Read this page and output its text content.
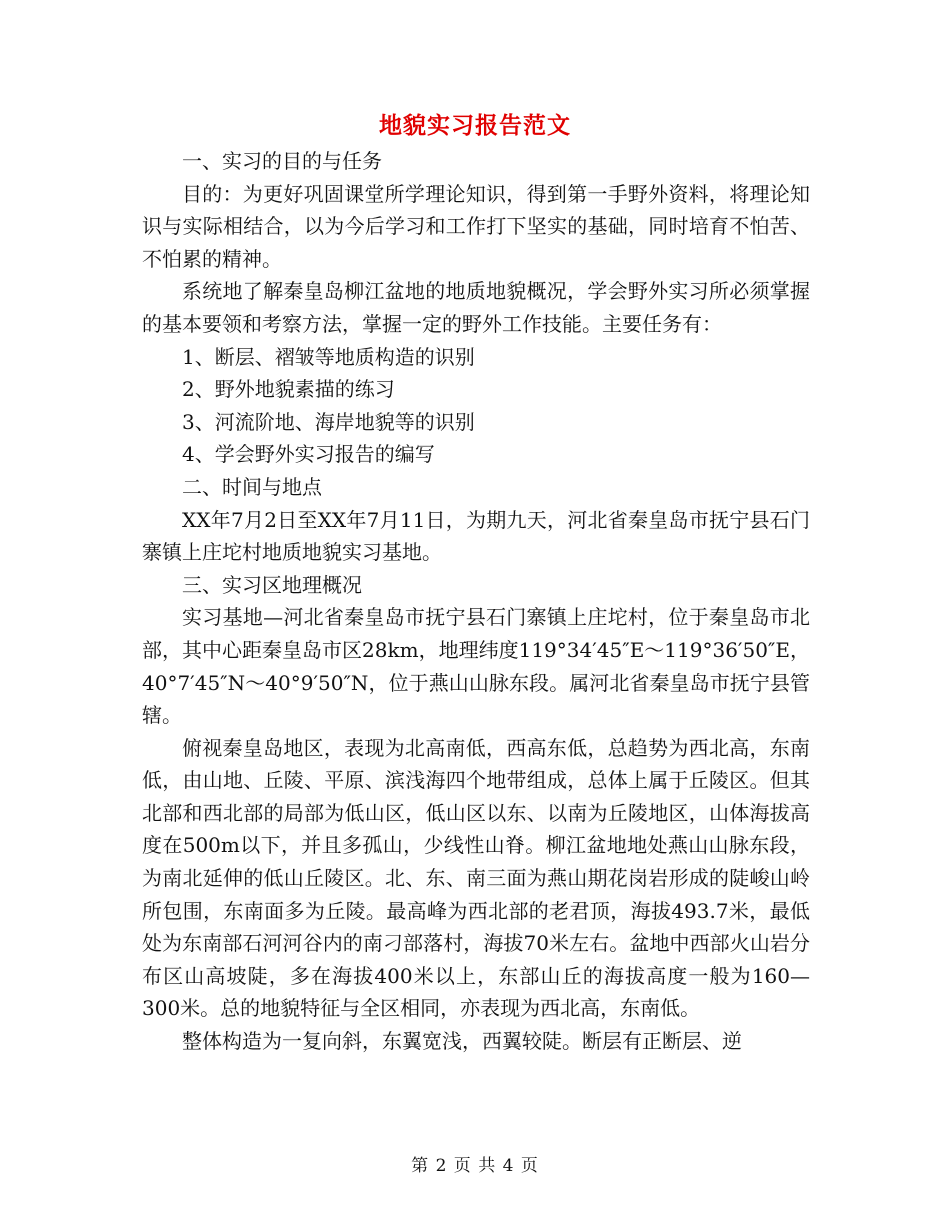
地貌实习报告范文

一、实习的目的与任务

目的：为更好巩固课堂所学理论知识，得到第一手野外资料，将理论知识与实际相结合，以为今后学习和工作打下坚实的基础，同时培育不怕苦、不怕累的精神。

系统地了解秦皇岛柳江盆地的地质地貌概况，学会野外实习所必须掌握的基本要领和考察方法，掌握一定的野外工作技能。主要任务有：

1、断层、褶皱等地质构造的识别

2、野外地貌素描的练习

3、河流阶地、海岸地貌等的识别

4、学会野外实习报告的编写

二、时间与地点

XX年7月2日至XX年7月11日，为期九天，河北省秦皇岛市抚宁县石门寨镇上庄坨村地质地貌实习基地。

三、实习区地理概况

实习基地—河北省秦皇岛市抚宁县石门寨镇上庄坨村，位于秦皇岛市北部，其中心距秦皇岛市区28km，地理纬度119°34′45″E～119°36′50″E， 40°7′45″N～40°9′50″N，位于燕山山脉东段。属河北省秦皇岛市抚宁县管辖。

俯视秦皇岛地区，表现为北高南低，西高东低，总趋势为西北高，东南低，由山地、丘陵、平原、滨浅海四个地带组成，总体上属于丘陵区。但其北部和西北部的局部为低山区，低山区以东、以南为丘陵地区，山体海拔高度在500m以下，并且多孤山，少线性山脊。柳江盆地地处燕山山脉东段，为南北延伸的低山丘陵区。北、东、南三面为燕山期花岗岩形成的陡峻山岭所包围，东南面多为丘陵。最高峰为西北部的老君顶，海拔493.7米，最低处为东南部石河河谷内的南刁部落村，海拔70米左右。盆地中西部火山岩分布区山高坡陡，多在海拔400米以上，东部山丘的海拔高度一般为160—300米。总的地貌特征与全区相同，亦表现为西北高，东南低。

整体构造为一复向斜，东翼宽浅，西翼较陡。断层有正断层、逆

第 2 页 共 4 页
